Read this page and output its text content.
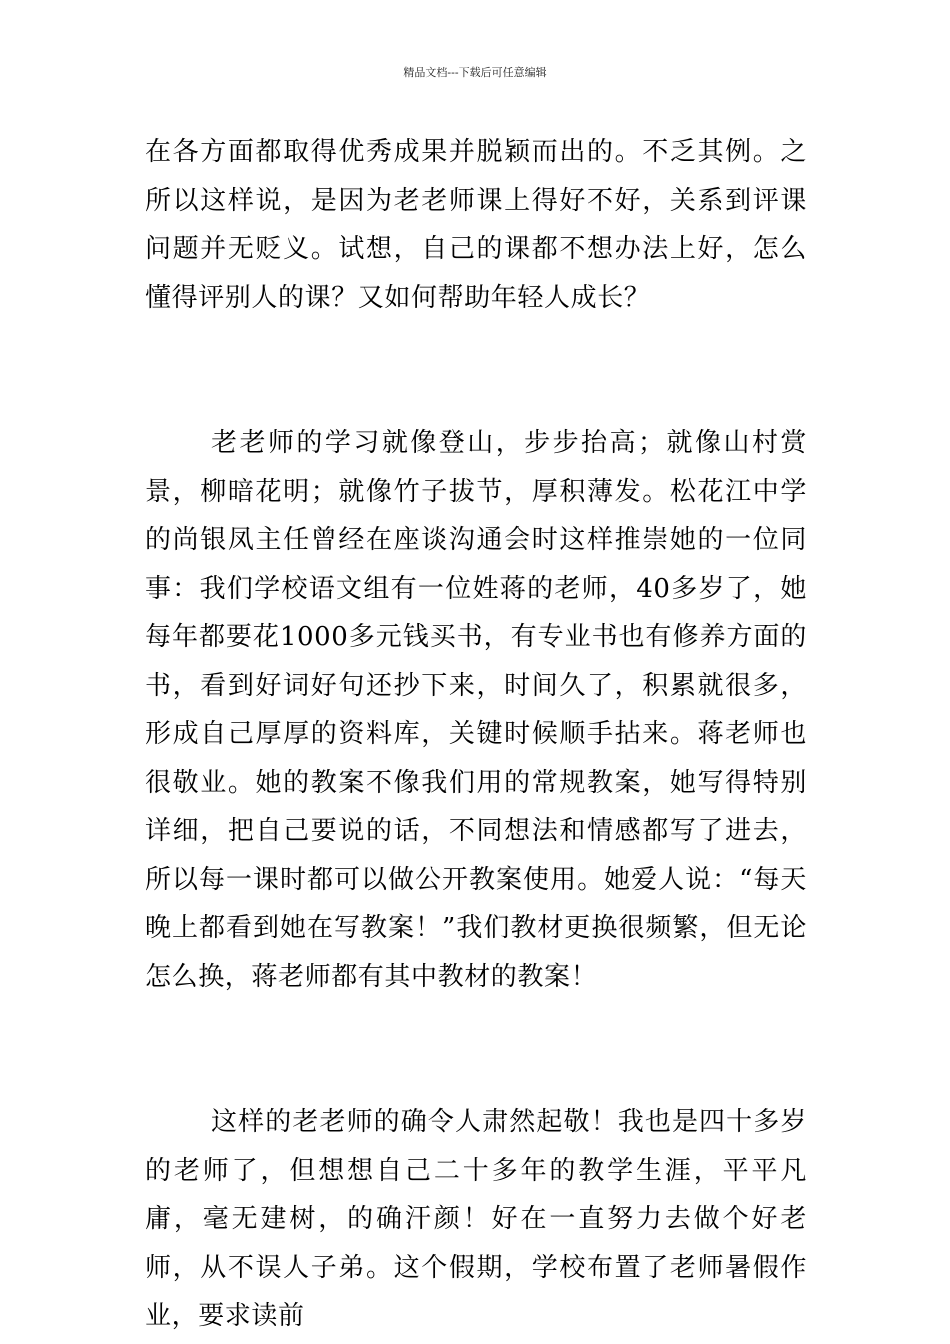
精品文档---下载后可任意编辑

在各方面都取得优秀成果并脱颖而出的。不乏其例。之所以这样说，是因为老老师课上得好不好，关系到评课问题并无贬义。试想，自己的课都不想办法上好，怎么懂得评别人的课？又如何帮助年轻人成长？

老老师的学习就像登山，步步抬高；就像山村赏景，柳暗花明；就像竹子拔节，厚积薄发。松花江中学的尚银凤主任曾经在座谈沟通会时这样推崇她的一位同事：我们学校语文组有一位姓蒋的老师，40多岁了，她每年都要花1000多元钱买书，有专业书也有修养方面的书，看到好词好句还抄下来，时间久了，积累就很多，形成自己厚厚的资料库，关键时候顺手拈来。蒋老师也很敬业。她的教案不像我们用的常规教案，她写得特别详细，把自己要说的话，不同想法和情感都写了进去，所以每一课时都可以做公开教案使用。她爱人说：“每天晚上都看到她在写教案！”我们教材更换很频繁，但无论怎么换，蒋老师都有其中教材的教案！

这样的老老师的确令人肃然起敬！我也是四十多岁的老师了，但想想自己二十多年的教学生涯，平平凡庸，毫无建树，的确汗颜！好在一直努力去做个好老师，从不误人子弟。这个假期，学校布置了老师暑假作业，要求读前
